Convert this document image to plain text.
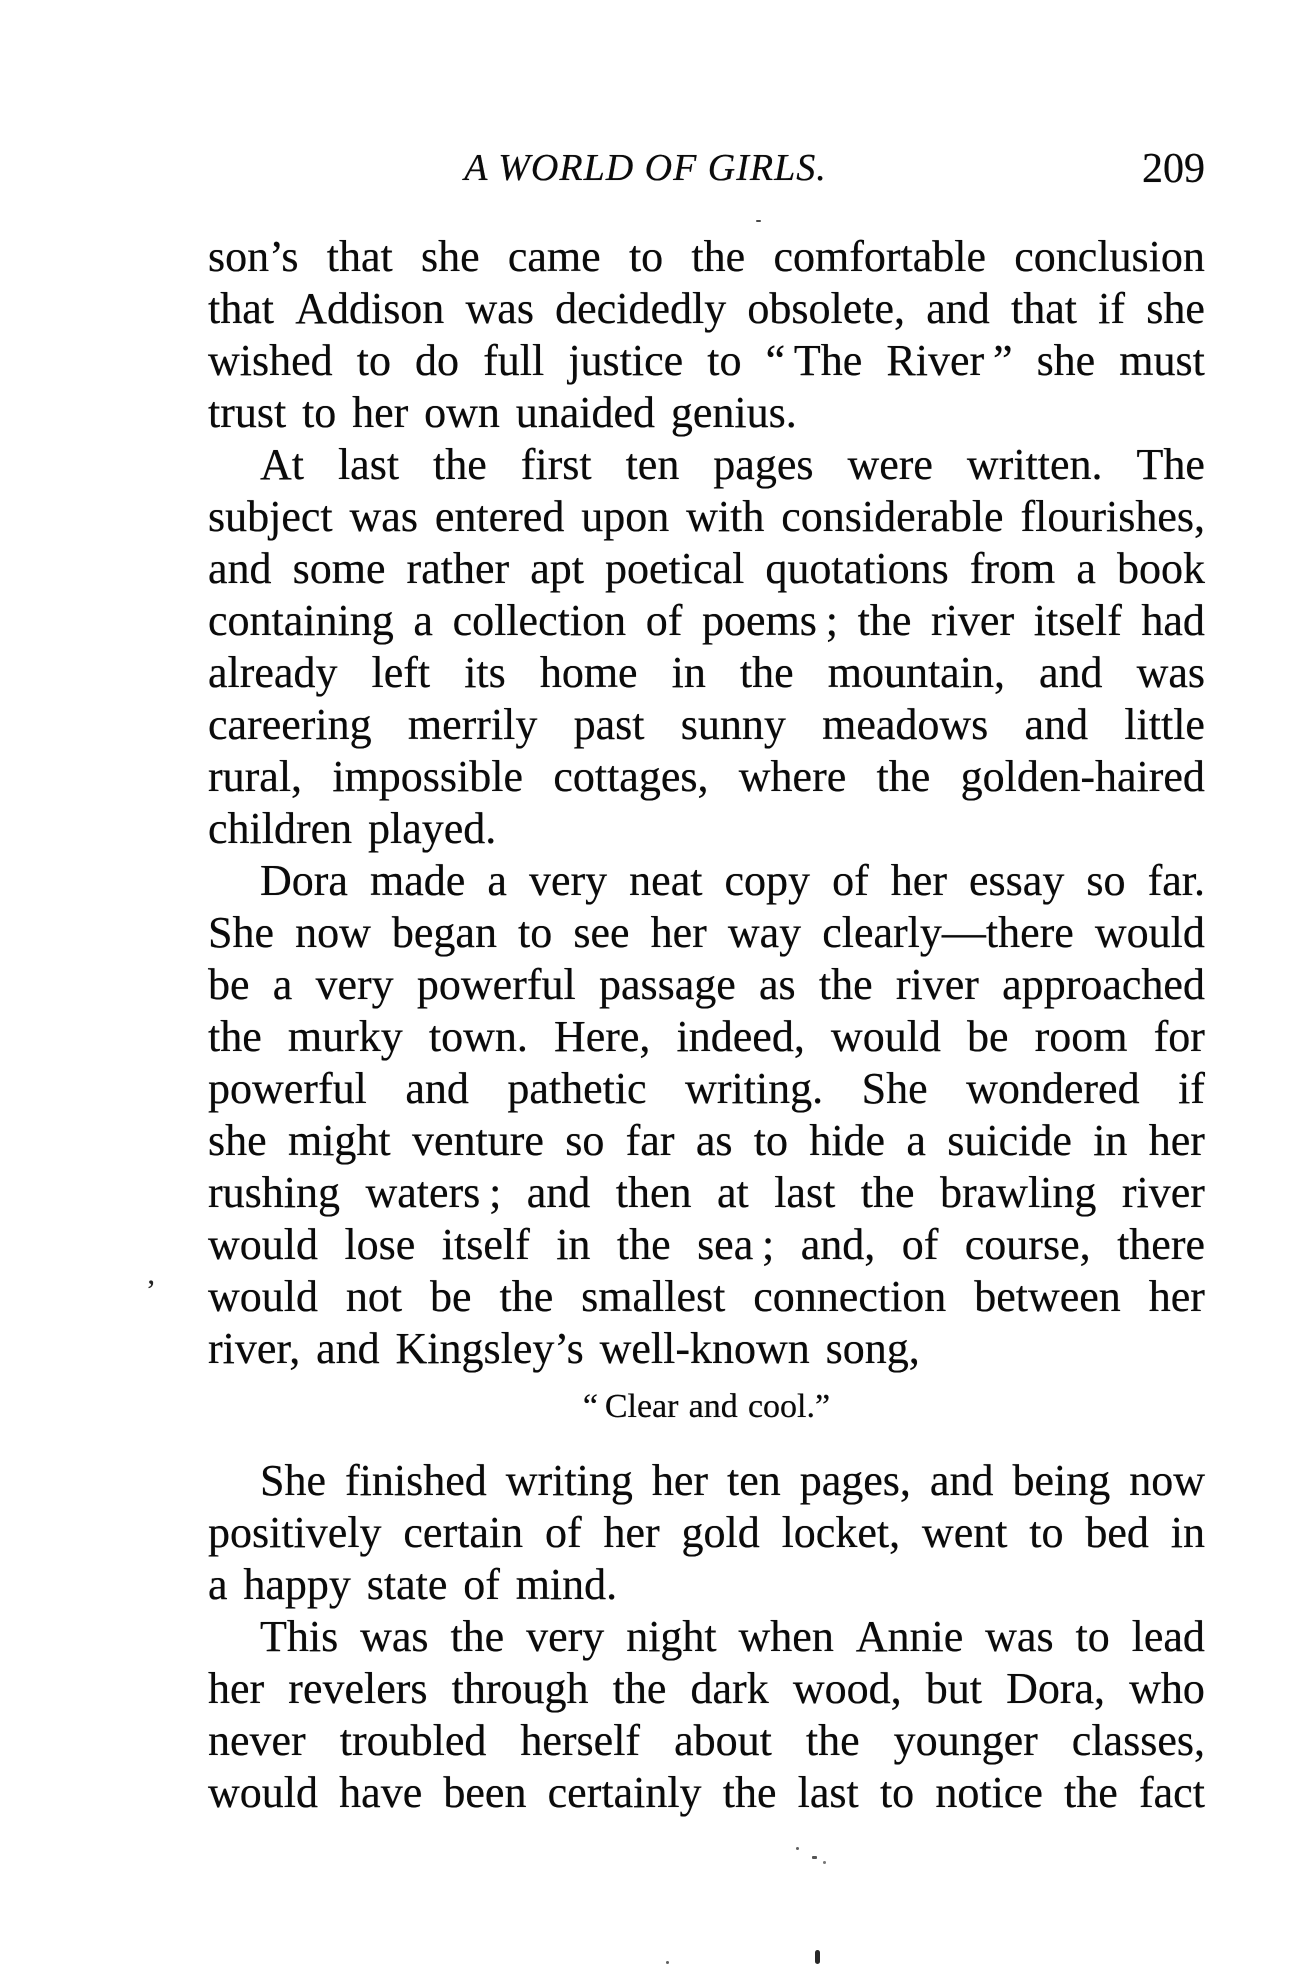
A WORLD OF GIRLS.	209
son’s that she came to the comfortable conclusion
that Addison was decidedly obsolete, and that if she
wished to do full justice to “ The River ” she must
trust to her own unaided genius.
At last the first ten pages were written. The
subject was entered upon with considerable flourishes,
and some rather apt poetical quotations from a book
containing a collection of poems ; the river itself had
already left its home in the mountain, and was
careering merrily past sunny meadows and little
rural, impossible cottages, where the golden-haired
children played.
Dora made a very neat copy of her essay so far.
She now began to see her way clearly—there would
be a very powerful passage as the river approached
the murky town. Here, indeed, would be room for
powerful and pathetic writing. She wondered if
she might venture so far as to hide a suicide in her
rushing waters ; and then at last the brawling river
would lose itself in the sea ; and, of course, there
would not be the smallest connection between her
river, and Kingsley’s well-known song,
“ Clear and cool.”
She finished writing her ten pages, and being now
positively certain of her gold locket, went to bed in
a happy state of mind.
This was the very night when Annie was to lead
her revelers through the dark wood, but Dora, who
never troubled herself about the younger classes,
would have been certainly the last to notice the fact
’
